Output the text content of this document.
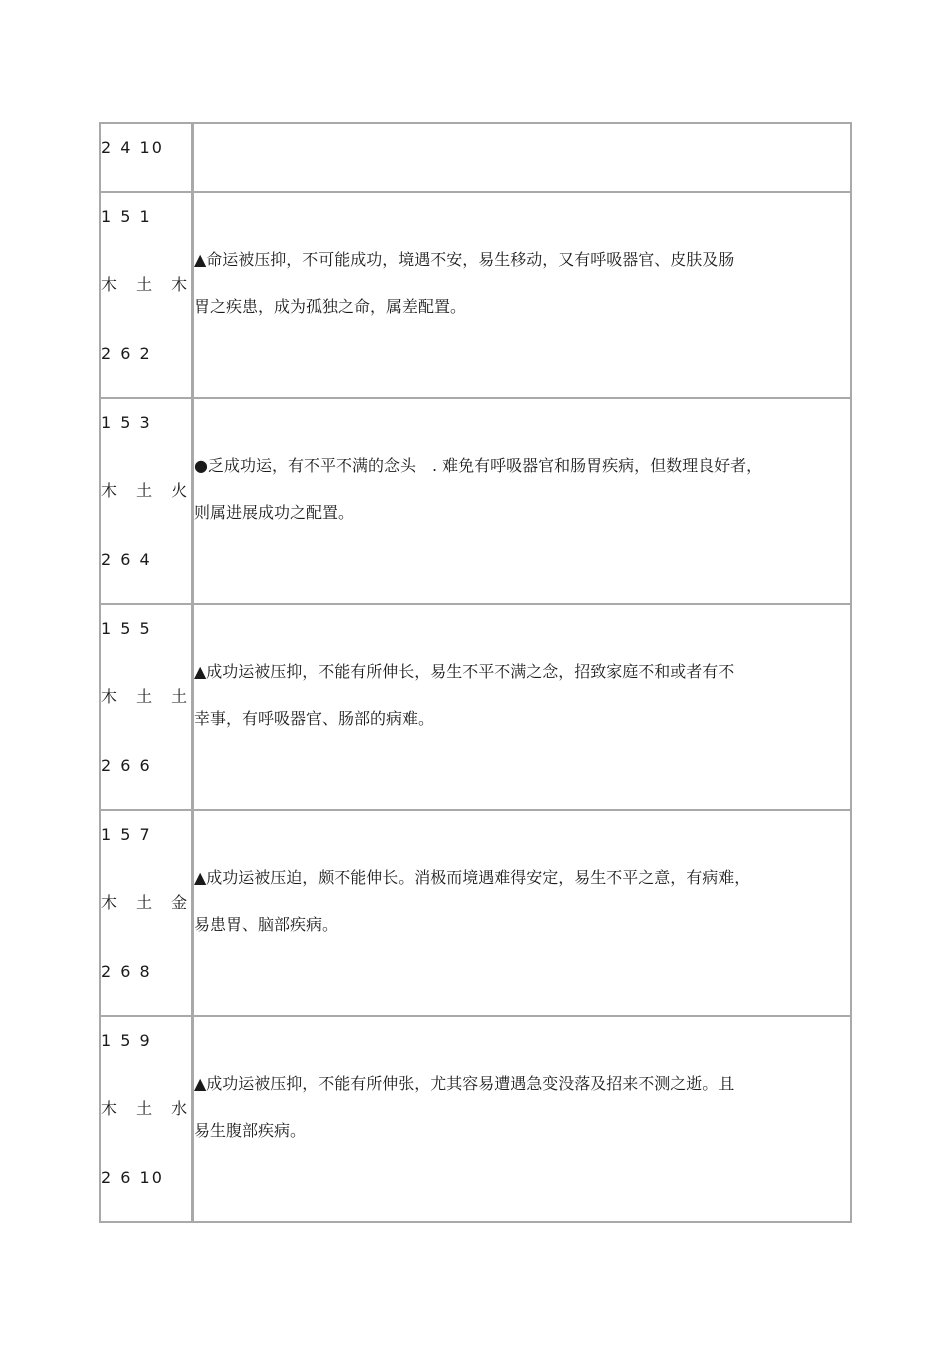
2 4 10
1 5 1
木 土 木
2 6 2

▲命运被压抑，不可能成功，境遇不安，易生移动，又有呼吸器官、皮肤及肠

胃之疾患，成为孤独之命，属差配置。

1 5 3
木 土 火
2 6 4

●乏成功运，有不平不满的念头　. 难免有呼吸器官和肠胃疾病，但数理良好者，

则属进展成功之配置。

1 5 5
木 土 土
2 6 6

▲成功运被压抑，不能有所伸长，易生不平不满之念，招致家庭不和或者有不

幸事，有呼吸器官、肠部的病难。

1 5 7
木 土 金
2 6 8

▲成功运被压迫，颇不能伸长。消极而境遇难得安定，易生不平之意，有病难，

易患胃、脑部疾病。

1 5 9
木 土 水
2 6 10

▲成功运被压抑，不能有所伸张，尤其容易遭遇急变没落及招来不测之逝。且

易生腹部疾病。
